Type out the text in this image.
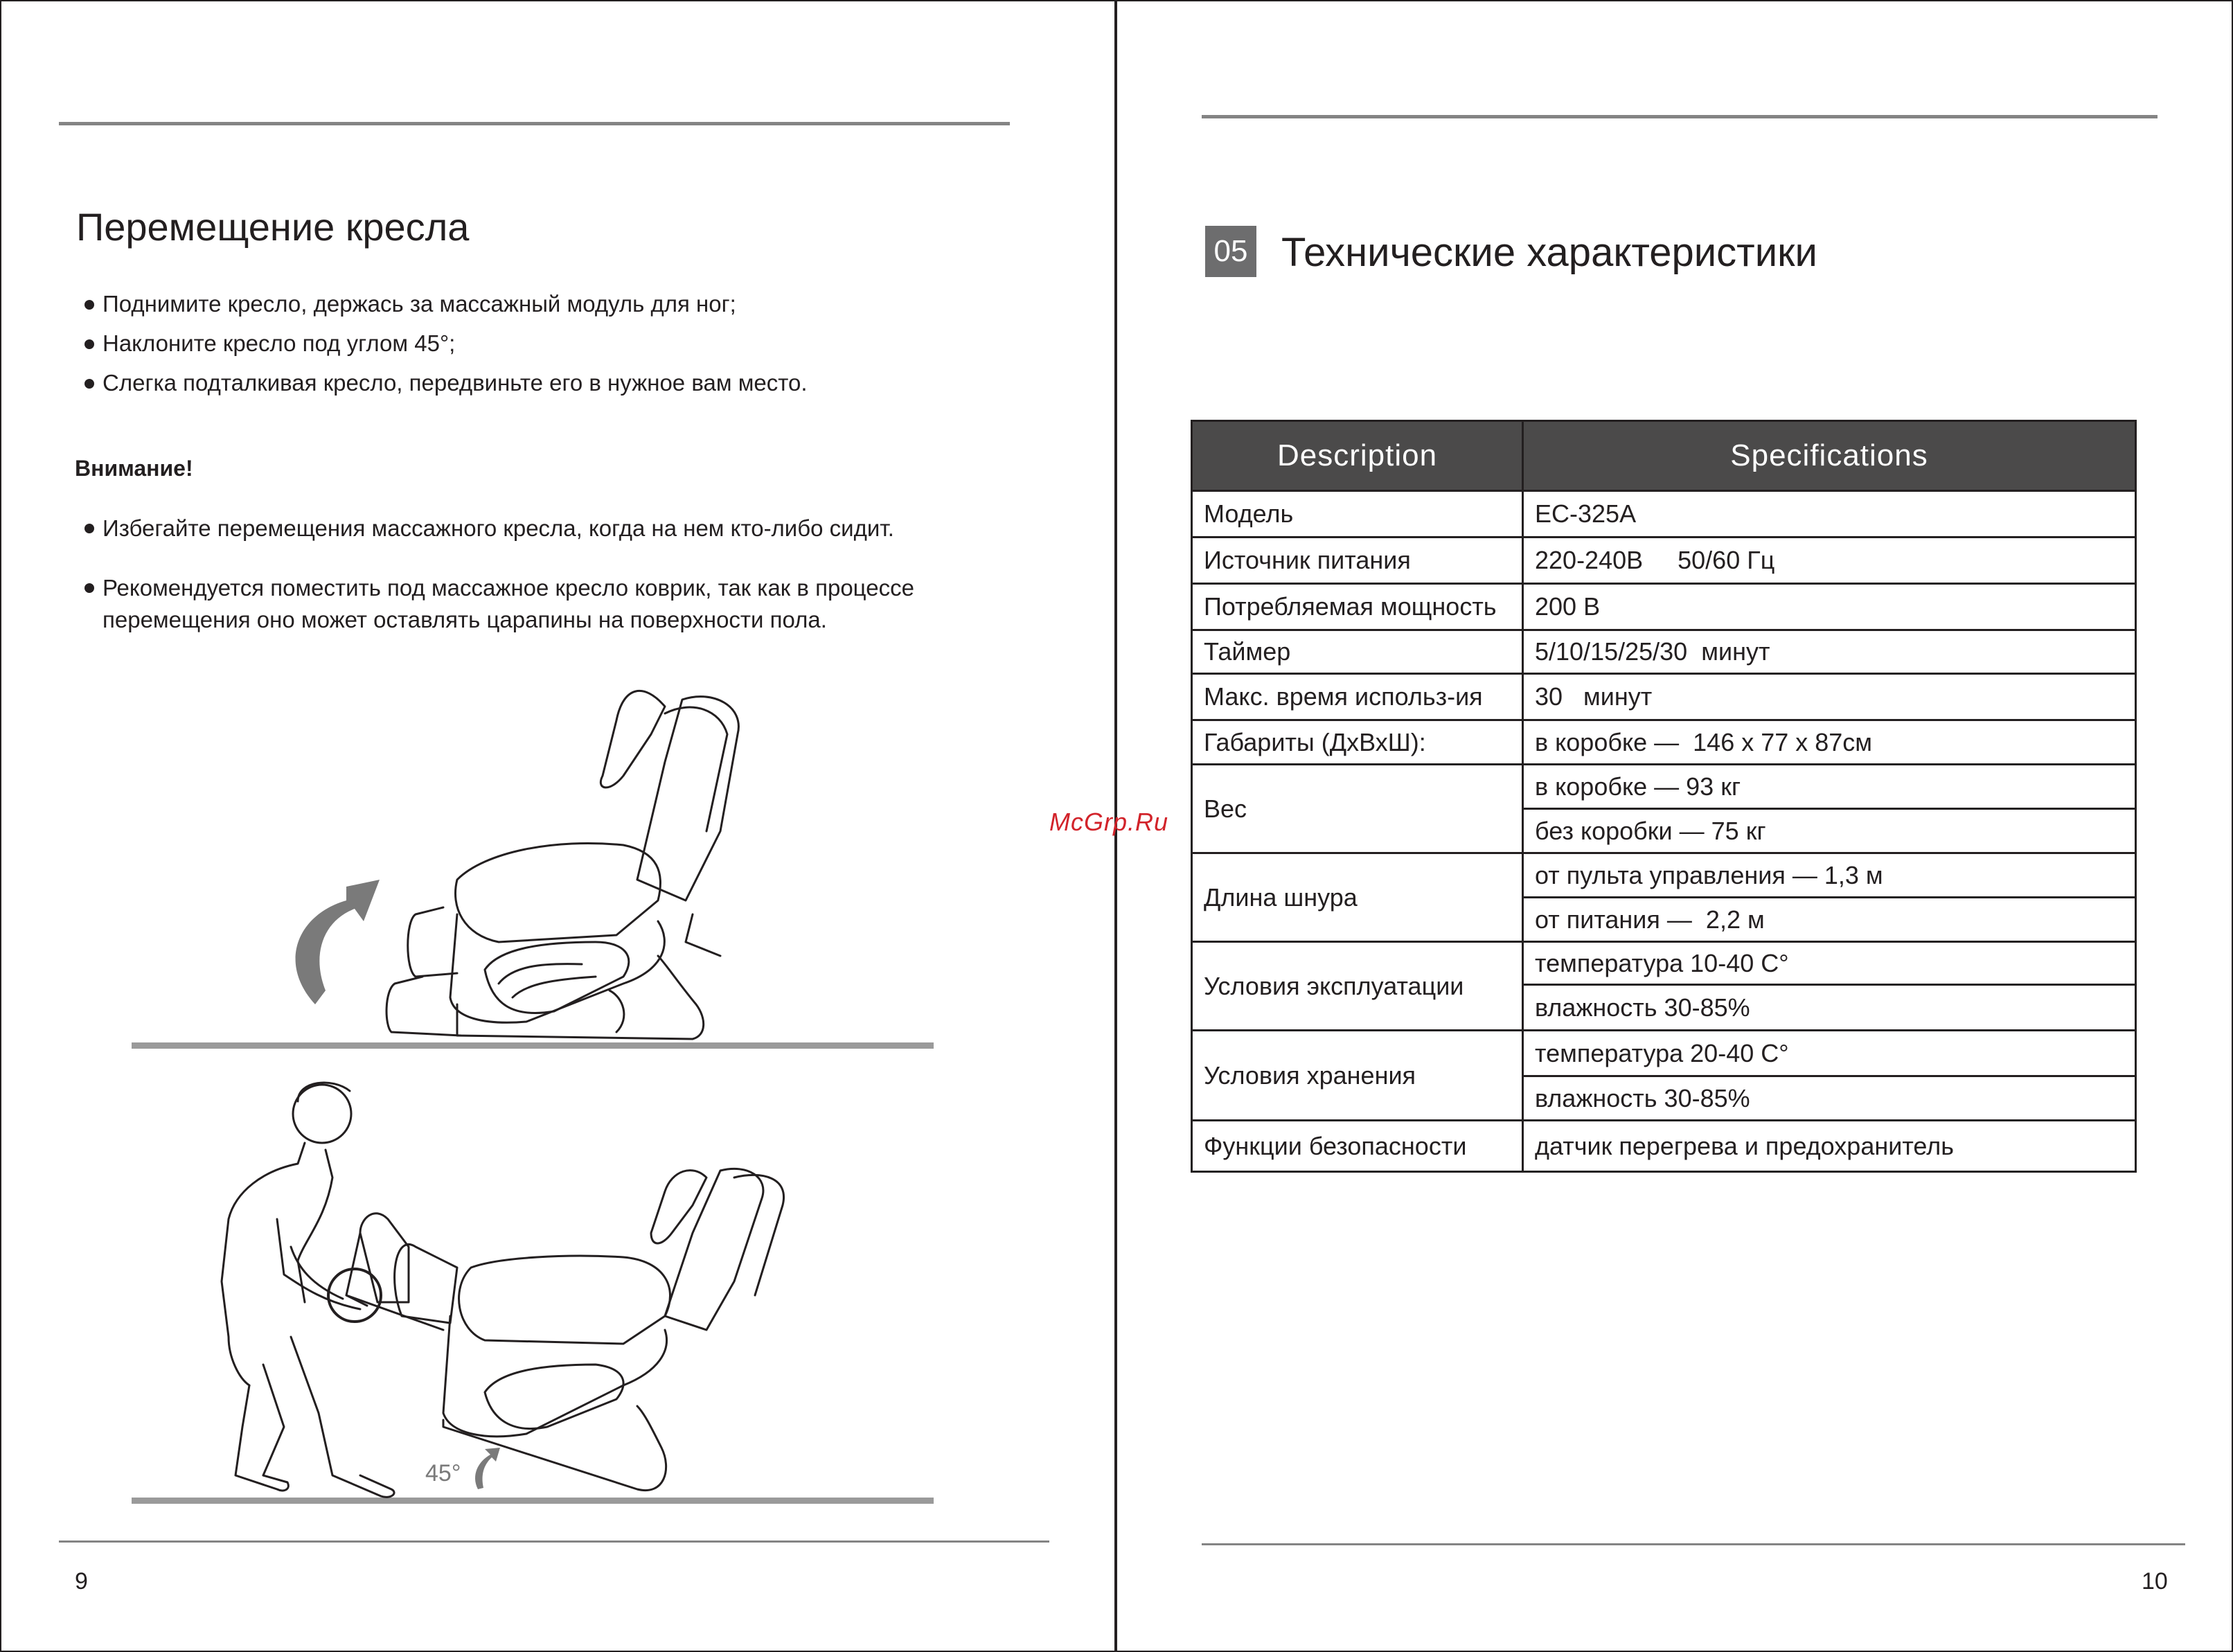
Перемещение кресла
Поднимите кресло, держась за массажный модуль для ног;
Наклоните кресло под углом 45°;
Слегка подталкивая кресло, передвиньте его в нужное вам место.
Внимание!
Избегайте перемещения массажного кресла, когда на нем кто-либо сидит.
Рекомендуется поместить под массажное кресло коврик, так как в процессе
перемещения оно может оставлять царапины на поверхности пола.
45°
9
05 Технические характеристики
Description	Specifications
Модель	EC-325A
Источник питания	220-240В     50/60 Гц
Потребляемая мощность	200 В
Таймер	5/10/15/25/30  минут
Макс. время использ-ия	30   минут
Габариты (ДхВхШ):	в коробке —  146 x 77 x 87см
Вес	в коробке — 93 кг
	без коробки — 75 кг
Длина шнура	от пульта управления — 1,3 м
	от питания —  2,2 м
Условия эксплуатации	температура 10-40 C°
	влажность 30-85%
Условия хранения	температура 20-40 C°
	влажность 30-85%
Функции безопасности	датчик перегрева и предохранитель
10
McGrp.Ru
